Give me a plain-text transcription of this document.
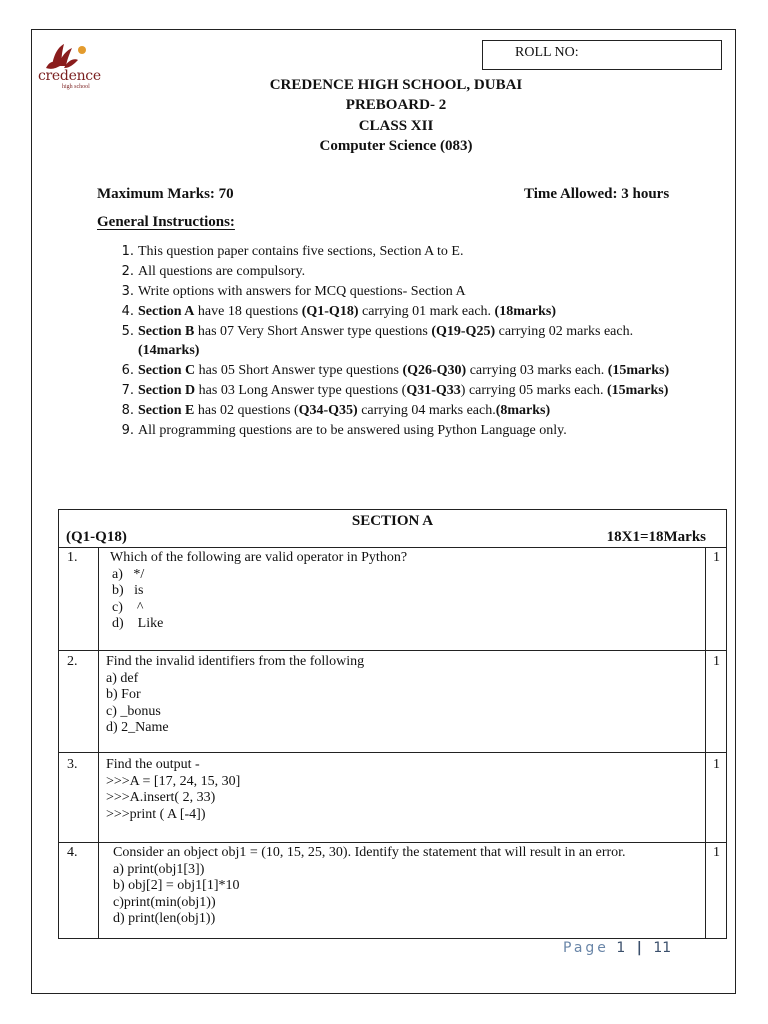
credence
high school
ROLL NO:
CREDENCE HIGH SCHOOL, DUBAI
PREBOARD- 2
CLASS XII
Computer Science (083)
Maximum Marks: 70	Time Allowed: 3 hours
General Instructions:
1. This question paper contains five sections, Section A to E.
2. All questions are compulsory.
3. Write options with answers for MCQ questions- Section A
4. Section A have 18 questions (Q1-Q18) carrying 01 mark each. (18marks)
5. Section B has 07 Very Short Answer type questions (Q19-Q25) carrying 02 marks each. (14marks)
6. Section C has 05 Short Answer type questions (Q26-Q30) carrying 03 marks each. (15marks)
7. Section D has 03 Long Answer type questions (Q31-Q33) carrying 05 marks each. (15marks)
8. Section E has 02 questions (Q34-Q35) carrying 04 marks each.(8marks)
9. All programming questions are to be answered using Python Language only.
SECTION A
(Q1-Q18)	18X1=18Marks
1. Which of the following are valid operator in Python?
a)   */
b)   is
c)    ^
d)    Like
1
2. Find the invalid identifiers from the following
a) def
b) For
c) _bonus
d) 2_Name
1
3. Find the output -
>>>A = [17, 24, 15, 30]
>>>A.insert( 2, 33)
>>>print ( A [-4])
1
4.	Consider an object obj1 = (10, 15, 25, 30). Identify the statement that will result in an error.
a) print(obj1[3])
b) obj[2] = obj1[1]*10
c)print(min(obj1))
d) print(len(obj1))
1
Page 1 | 11
